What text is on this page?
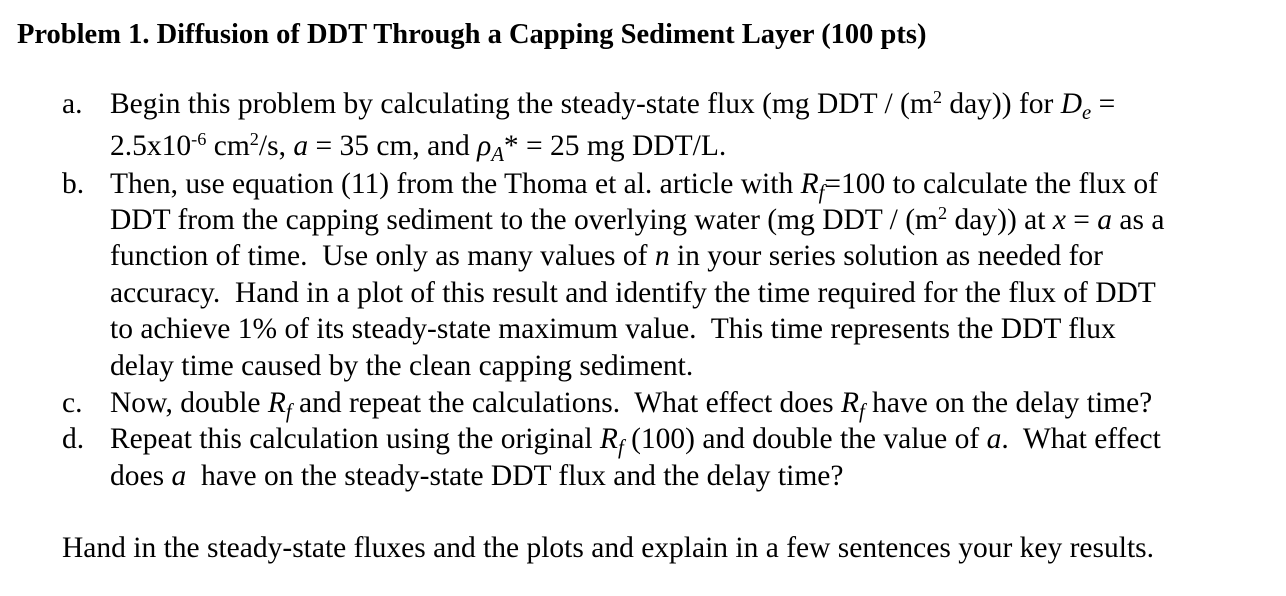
Problem 1. Diffusion of DDT Through a Capping Sediment Layer (100 pts)
a. Begin this problem by calculating the steady-state flux (mg DDT / ($m^2$ day)) for $D_e$ =
$2.5x10^{-6}$ $cm^2/s$, a = 35 cm, and $\rho_A* = 25$ mg DDT/L.
b. Then, use equation (11) from the Thoma et al. article with $R_f=100$ to calculate the flux of
DDT from the capping sediment to the overlying water (mg DDT / ($m^2$ day)) at x = a as a
function of time.  Use only as many values of n in your series solution as needed for
accuracy.  Hand in a plot of this result and identify the time required for the flux of DDT
to achieve 1% of its steady-state maximum value.  This time represents the DDT flux
delay time caused by the clean capping sediment.
c. Now, double $R_f$ and repeat the calculations.  What effect does $R_f$ have on the delay time?
d. Repeat this calculation using the original $R_f$ (100) and double the value of a.  What effect
does a  have on the steady-state DDT flux and the delay time?
Hand in the steady-state fluxes and the plots and explain in a few sentences your key results.
